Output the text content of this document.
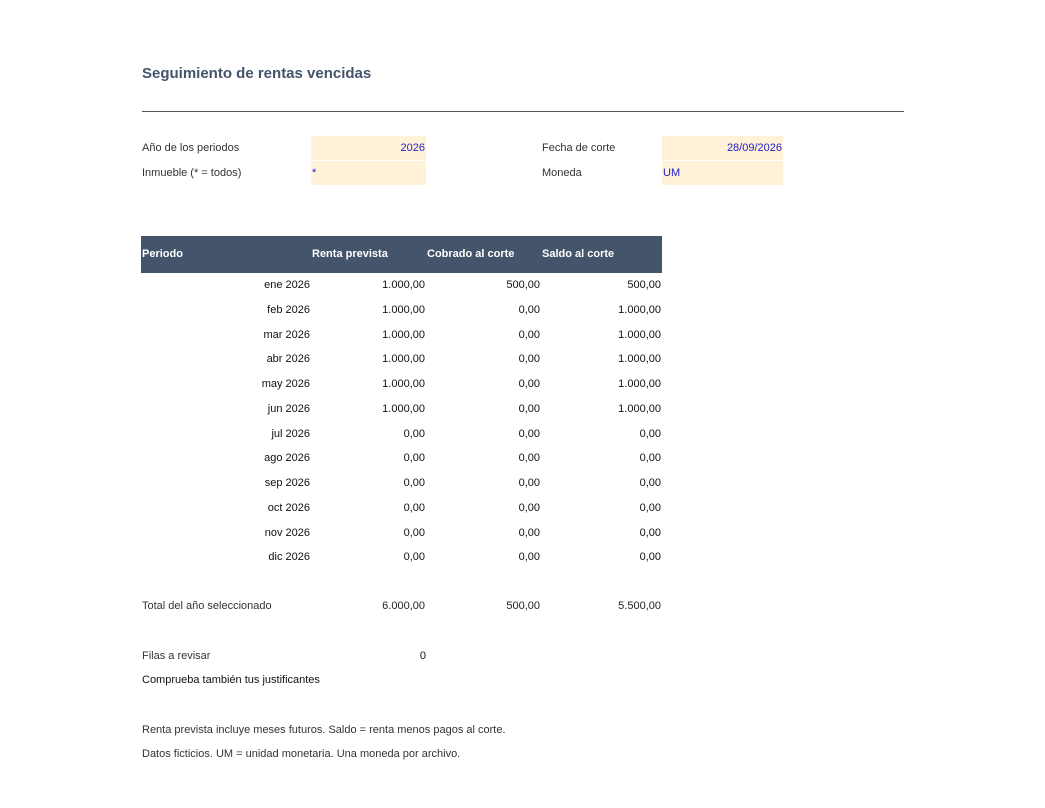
Seguimiento de rentas vencidas
Año de los periodos	2026
Inmueble (* = todos)	*
Fecha de corte	28/09/2026
Moneda	UM
Periodo	Renta prevista	Cobrado al corte	Saldo al corte
ene 2026	1.000,00	500,00	500,00
feb 2026	1.000,00	0,00	1.000,00
mar 2026	1.000,00	0,00	1.000,00
abr 2026	1.000,00	0,00	1.000,00
may 2026	1.000,00	0,00	1.000,00
jun 2026	1.000,00	0,00	1.000,00
jul 2026	0,00	0,00	0,00
ago 2026	0,00	0,00	0,00
sep 2026	0,00	0,00	0,00
oct 2026	0,00	0,00	0,00
nov 2026	0,00	0,00	0,00
dic 2026	0,00	0,00	0,00
Total del año seleccionado	6.000,00	500,00	5.500,00
Filas a revisar	0
Comprueba también tus justificantes
Renta prevista incluye meses futuros. Saldo = renta menos pagos al corte.
Datos ficticios. UM = unidad monetaria. Una moneda por archivo.
